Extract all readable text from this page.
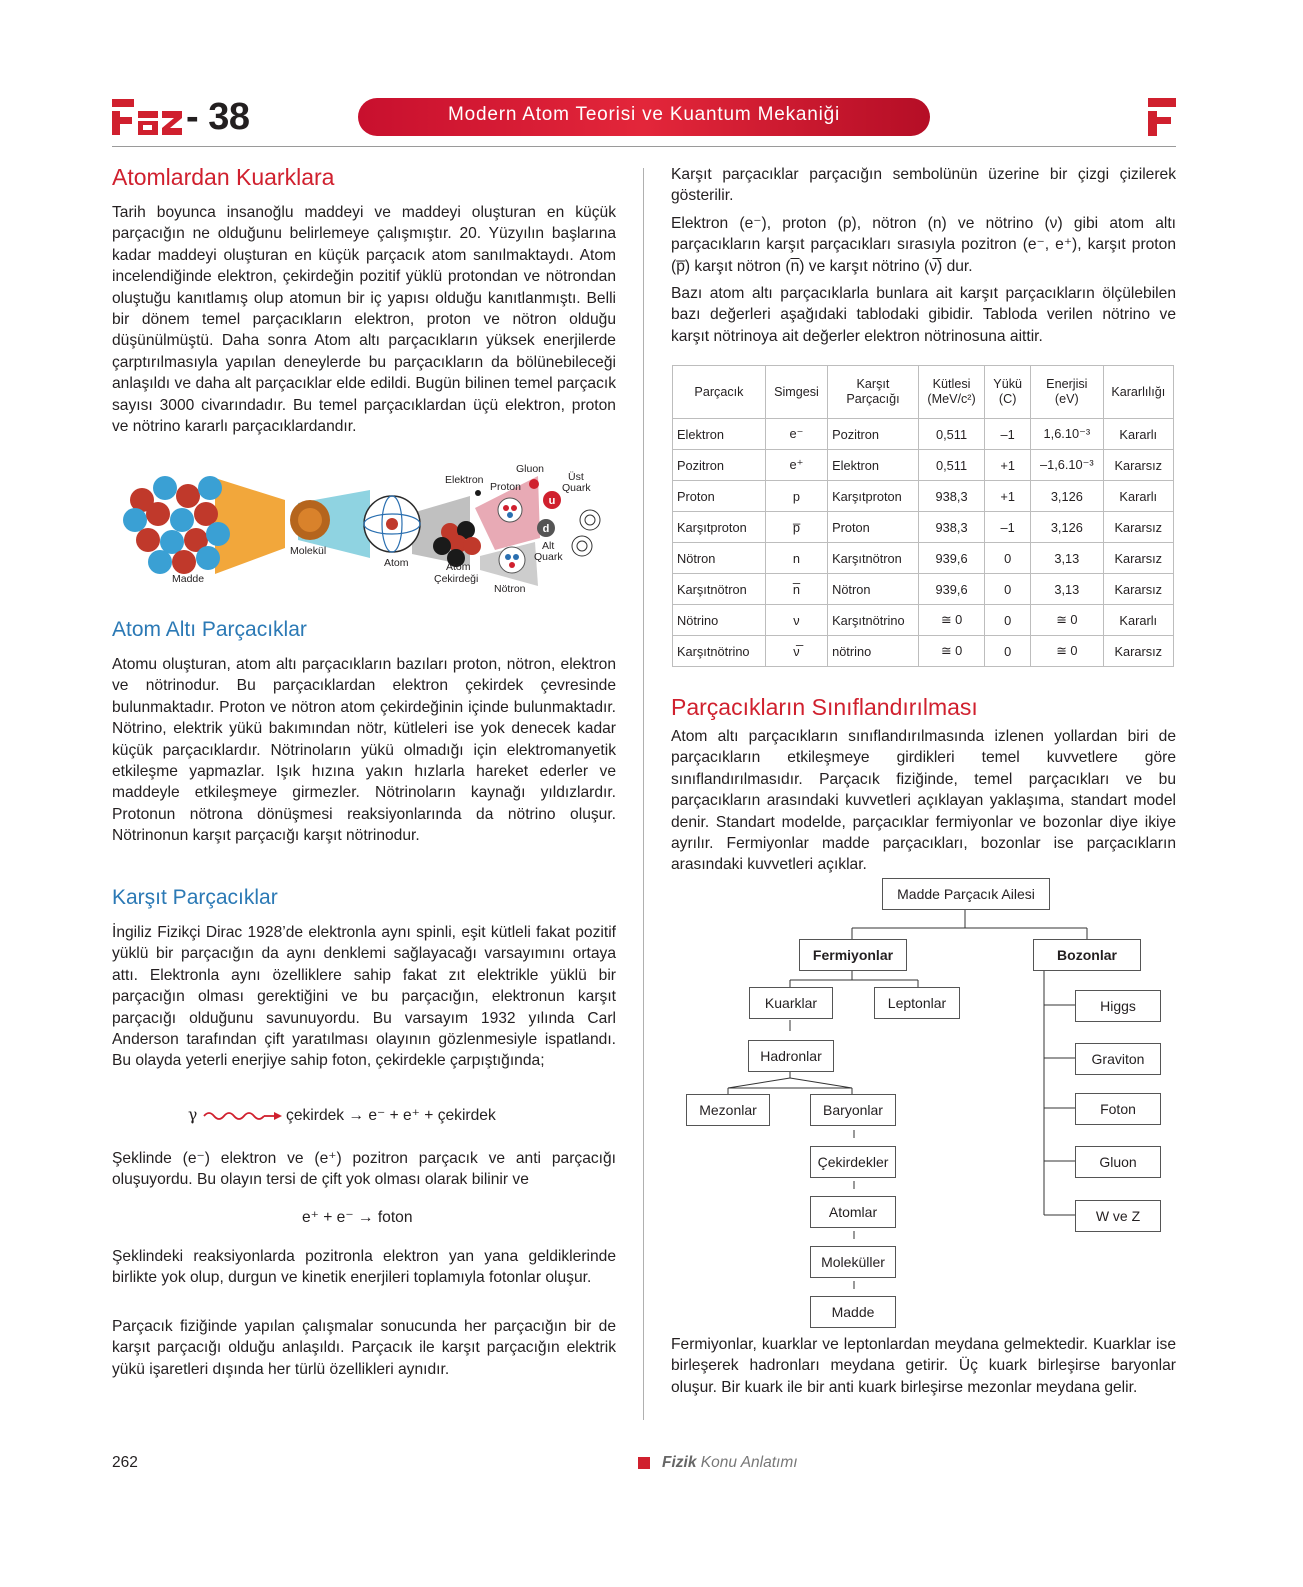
- 38	Modern Atom Teorisi ve Kuantum Mekaniği
Atomlardan Kuarklara

Tarih boyunca insanoğlu maddeyi ve maddeyi oluşturan en küçük parçacığın ne olduğunu belirlemeye çalışmıştır. 20. Yüzyılın başlarına kadar maddeyi oluşturan en küçük parçacık atom sanılmaktaydı. Atom incelendiğinde elektron, çekirdeğin pozitif yüklü protondan ve nötrondan oluştuğu kanıtlamış olup atomun bir iç yapısı olduğu kanıtlanmıştı. Belli bir dönem temel parçacıkların elektron, proton ve nötron olduğu düşünülmüştü. Daha sonra Atom altı parçacıkların yüksek enerjilerde çarptırılmasıyla yapılan deneylerde bu parçacıkların da bölünebileceği anlaşıldı ve daha alt parçacıklar elde edildi. Bugün bilinen temel parçacık sayısı 3000 civarındadır. Bu temel parçacıklardan üçü elektron, proton ve nötrino kararlı parçacıklardandır.

u
d
Madde
Molekül
Atom	Atom
Çekirdeği
Elektron
Gluon
Proton
Üst
Quark
Alt
Quark
Nötron
Atom Altı Parçacıklar

Atomu oluşturan, atom altı parçacıkların bazıları proton, nötron, elektron ve nötrinodur. Bu parçacıklardan elektron çekirdek çevresinde bulunmaktadır. Proton ve nötron atom çekirdeğinin içinde bulunmaktadır. Nötrino, elektrik yükü bakımından nötr, kütleleri ise yok denecek kadar küçük parçacıklardır. Nötrinoların yükü olmadığı için elektromanyetik etkileşme yapmazlar. Işık hızına yakın hızlarla hareket ederler ve maddeyle etkileşmeye girmezler. Nötrinoların kaynağı yıldızlardır. Protonun nötrona dönüşmesi reaksiyonlarında da nötrino oluşur. Nötrinonun karşıt parçacığı karşıt nötrinodur.

Karşıt Parçacıklar

İngiliz Fizikçi Dirac 1928’de elektronla aynı spinli, eşit kütleli fakat pozitif yüklü bir parçacığın da aynı denklemi sağlayacağı varsayımını ortaya attı. Elektronla aynı özelliklere sahip fakat zıt elektrikle yüklü bir parçacığın olması gerektiğini ve bu parçacığın, elektronun karşıt parçacığı olduğunu savunuyordu. Bu varsayım 1932 yılında Carl Anderson tarafından çift yaratılması olayının gözlenmesiyle ispatlandı. Bu olayda yeterli enerjiye sahip foton, çekirdekle çarpıştığında;

γ	çekirdek → e⁻ + e⁺ + çekirdek

Şeklinde (e⁻) elektron ve (e⁺) pozitron parçacık ve anti parçacığı oluşuyordu. Bu olayın tersi de çift yok olması olarak bilinir ve

e⁺ + e⁻ → foton

Şeklindeki reaksiyonlarda pozitronla elektron yan yana geldiklerinde birlikte yok olup, durgun ve kinetik enerjileri toplamıyla fotonlar oluşur.

Parçacık fiziğinde yapılan çalışmalar sonucunda her parçacığın bir de karşıt parçacığı olduğu anlaşıldı. Parçacık ile karşıt parçacığın elektrik yükü işaretleri dışında her türlü özellikleri aynıdır.

Karşıt parçacıklar parçacığın sembolünün üzerine bir çizgi çizilerek gösterilir.

Elektron (e⁻), proton (p), nötron (n) ve nötrino (ν) gibi atom altı parçacıkların karşıt parçacıkları sırasıyla pozitron (e⁻, e⁺), karşıt proton (p̅) karşıt nötron (n̅) ve karşıt nötrino (ν̅) dur.

Bazı atom altı parçacıklarla bunlara ait karşıt parçacıkların ölçülebilen bazı değerleri aşağıdaki tablodaki gibidir. Tabloda verilen nötrino ve karşıt nötrinoya ait değerler elektron nötrinosuna aittir.

Parçacık	Simgesi	Karşıt Parçacığı	Kütlesi (MeV/c²)	Yükü (C)	Enerjisi (eV)	Kararlılığı
Elektron	e⁻	Pozitron	0,511	–1	1,6.10⁻³	Kararlı
Pozitron	e⁺	Elektron	0,511	+1	–1,6.10⁻³	Kararsız
Proton	p	Karşıtproton	938,3	+1	3,126	Kararlı
Karşıtproton	p̅	Proton	938,3	–1	3,126	Kararsız
Nötron	n	Karşıtnötron	939,6	0	3,13	Kararsız
Karşıtnötron	n̅	Nötron	939,6	0	3,13	Kararsız
Nötrino	ν	Karşıtnötrino	≅ 0	0	≅ 0	Kararlı
Karşıtnötrino	ν̅	nötrino	≅ 0	0	≅ 0	Kararsız
Parçacıkların Sınıflandırılması

Atom altı parçacıkların sınıflandırılmasında izlenen yollardan biri de parçacıkların etkileşmeye girdikleri temel kuvvetlere göre sınıflandırılmasıdır. Parçacık fiziğinde, temel parçacıkları ve bu parçacıkların arasındaki kuvvetleri açıklayan yaklaşıma, standart model denir. Standart modelde, parçacıklar fermiyonlar ve bozonlar diye ikiye ayrılır. Fermiyonlar madde parçacıkları, bozonlar ise parçacıkların arasındaki kuvvetleri açıklar.

Madde Parçacık Ailesi
Fermiyonlar	Bozonlar
Kuarklar	Leptonlar
Hadronlar
Mezonlar	Baryonlar
Çekirdekler
Atomlar
Moleküller
Madde
Higgs
Graviton
Foton
Gluon
W ve Z

Fermiyonlar, kuarklar ve leptonlardan meydana gelmektedir. Kuarklar ise birleşerek hadronları meydana getirir. Üç kuark birleşirse baryonlar oluşur. Bir kuark ile bir anti kuark birleşirse mezonlar meydana gelir.

262	Fizik Konu Anlatımı
